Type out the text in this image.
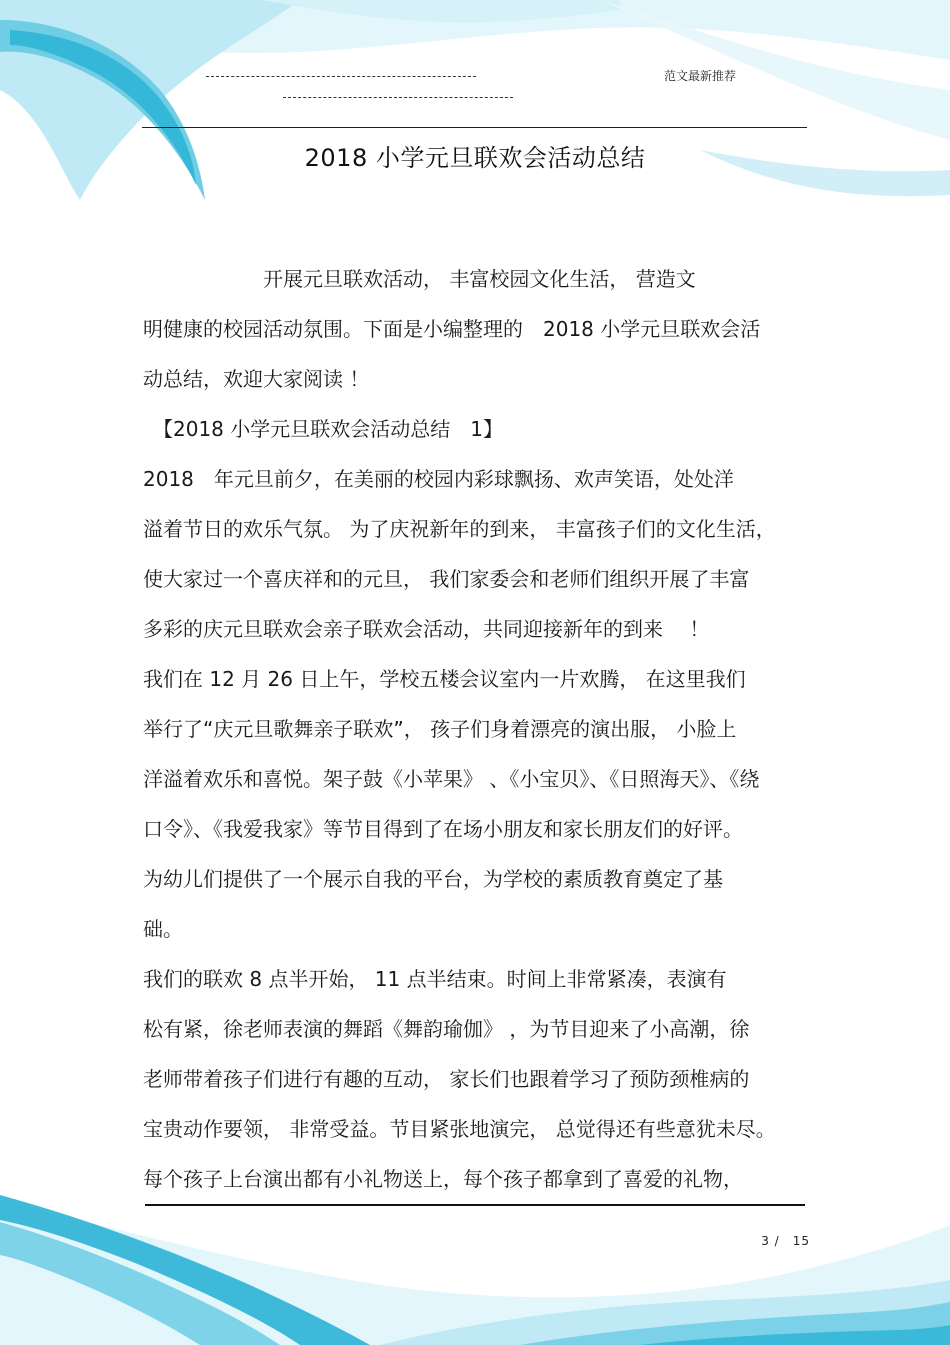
范文最新推荐
2018 小学元旦联欢会活动总结

　　　　　　开展元旦联欢活动， 丰富校园文化生活， 营造文

明健康的校园活动氛围。下面是小编整理的　2018 小学元旦联欢会活

动总结，欢迎大家阅读 ！

　【2018 小学元旦联欢会活动总结　1】

2018　年元旦前夕，在美丽的校园内彩球飘扬、欢声笑语，处处洋

溢着节日的欢乐气氛。 为了庆祝新年的到来， 丰富孩子们的文化生活，

使大家过一个喜庆祥和的元旦， 我们家委会和老师们组织开展了丰富

多彩的庆元旦联欢会亲子联欢会活动，共同迎接新年的到来　 ！

我们在 12 月 26 日上午，学校五楼会议室内一片欢腾， 在这里我们

举行了“庆元旦歌舞亲子联欢”， 孩子们身着漂亮的演出服， 小脸上

洋溢着欢乐和喜悦。架子鼓《小苹果》 、《小宝贝》、《日照海天》、《绕

口令》、《我爱我家》等节目得到了在场小朋友和家长朋友们的好评。

为幼儿们提供了一个展示自我的平台，为学校的素质教育奠定了基

础。

我们的联欢 8 点半开始， 11 点半结束。时间上非常紧凑，表演有

松有紧，徐老师表演的舞蹈《舞韵瑜伽》 ，为节目迎来了小高潮，徐

老师带着孩子们进行有趣的互动， 家长们也跟着学习了预防颈椎病的

宝贵动作要领， 非常受益。节目紧张地演完， 总觉得还有些意犹未尽。

每个孩子上台演出都有小礼物送上，每个孩子都拿到了喜爱的礼物，

3 /　15
